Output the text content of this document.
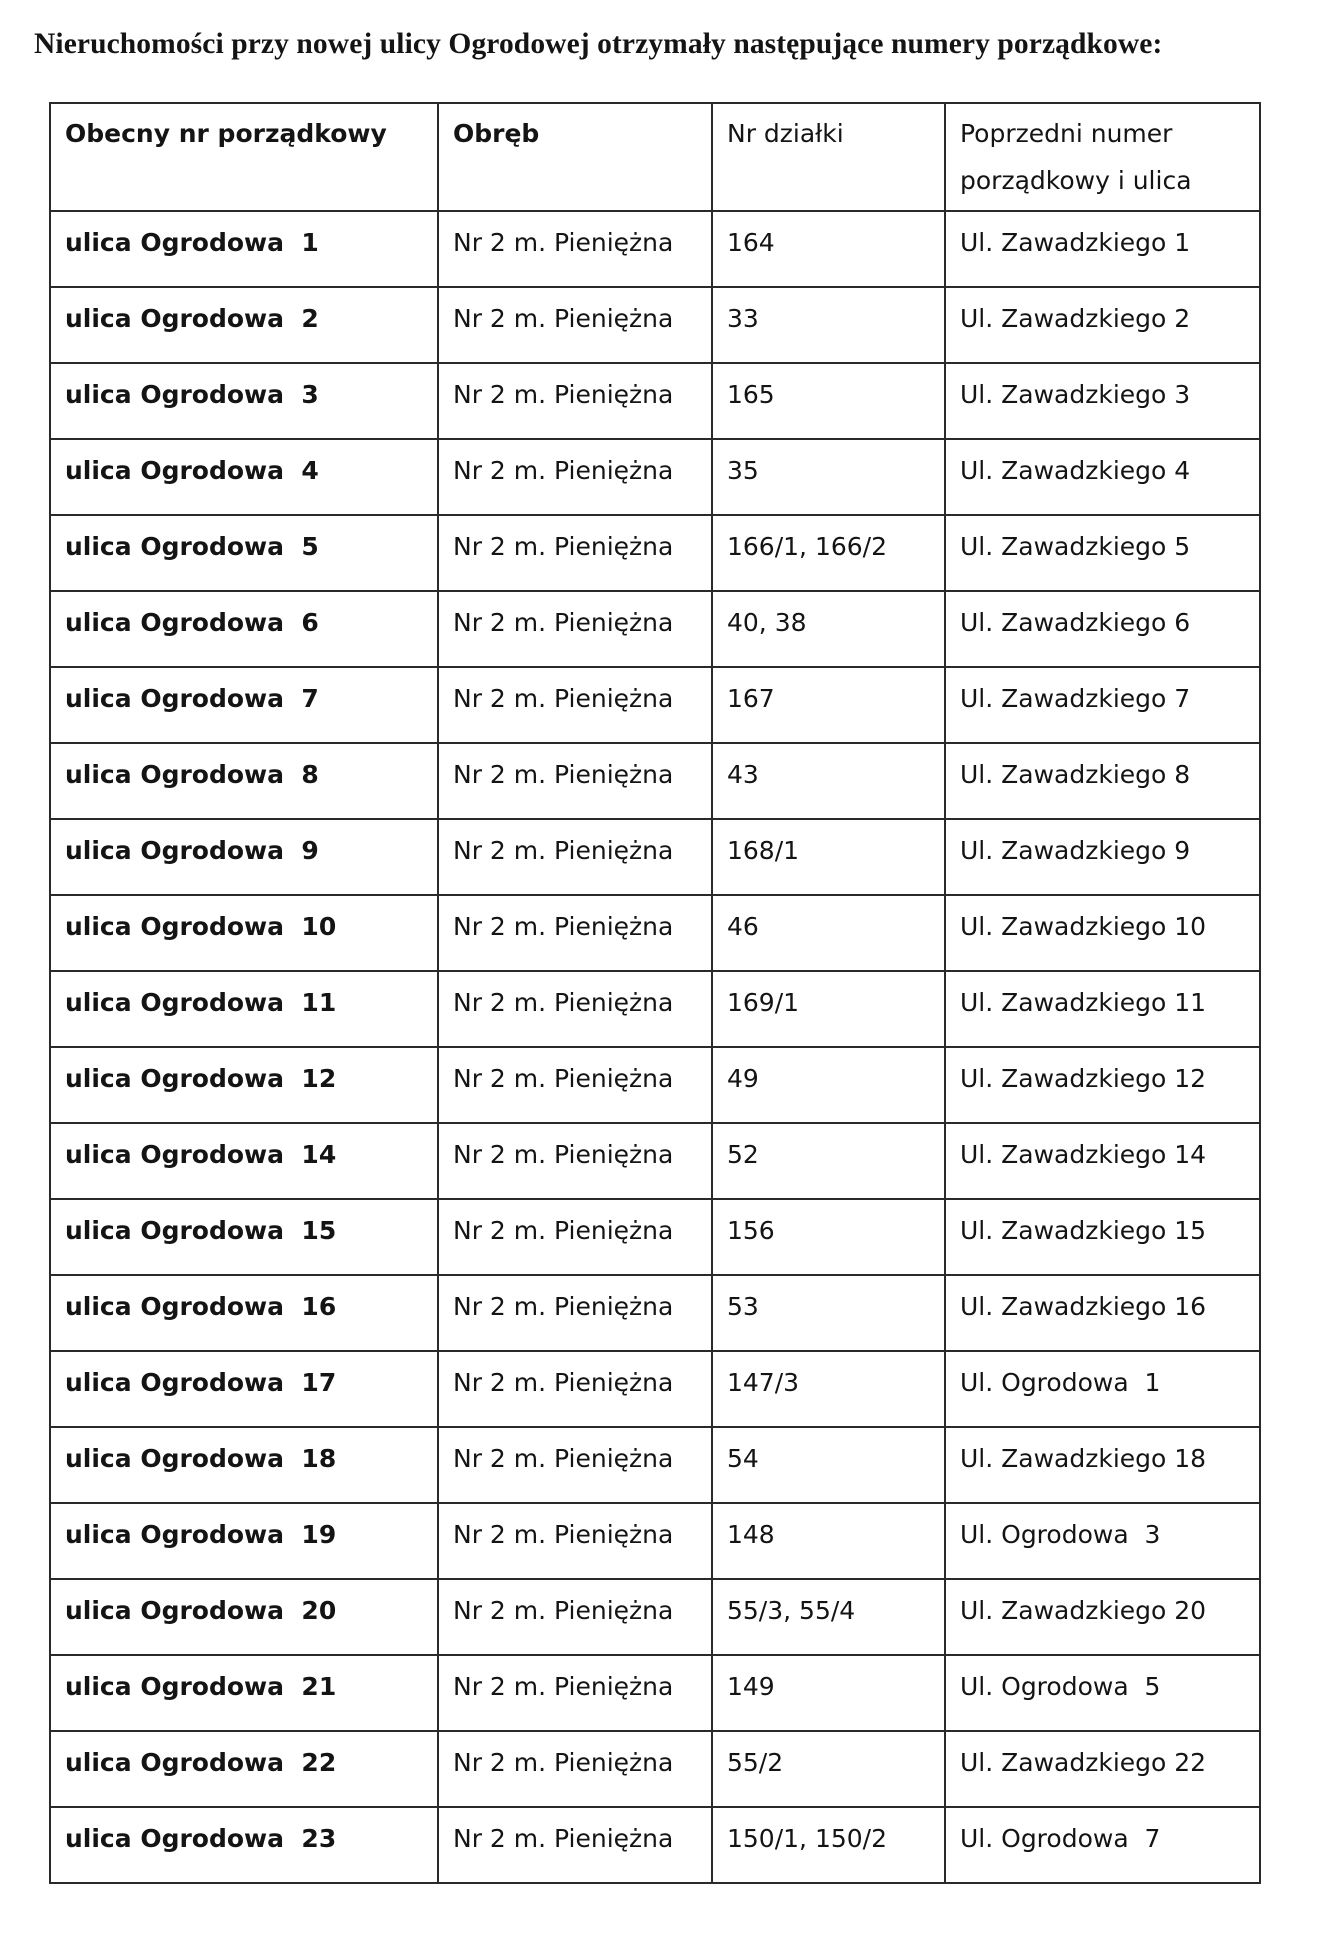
Nieruchomości przy nowej ulicy Ogrodowej otrzymały następujące numery porządkowe:
Obecny nr porządkowy	Obręb	Nr działki	Poprzedni numer porządkowy i ulica
ulica Ogrodowa  1	Nr 2 m. Pieniężna	164	Ul. Zawadzkiego 1
ulica Ogrodowa  2	Nr 2 m. Pieniężna	33	Ul. Zawadzkiego 2
ulica Ogrodowa  3	Nr 2 m. Pieniężna	165	Ul. Zawadzkiego 3
ulica Ogrodowa  4	Nr 2 m. Pieniężna	35	Ul. Zawadzkiego 4
ulica Ogrodowa  5	Nr 2 m. Pieniężna	166/1, 166/2	Ul. Zawadzkiego 5
ulica Ogrodowa  6	Nr 2 m. Pieniężna	40, 38	Ul. Zawadzkiego 6
ulica Ogrodowa  7	Nr 2 m. Pieniężna	167	Ul. Zawadzkiego 7
ulica Ogrodowa  8	Nr 2 m. Pieniężna	43	Ul. Zawadzkiego 8
ulica Ogrodowa  9	Nr 2 m. Pieniężna	168/1	Ul. Zawadzkiego 9
ulica Ogrodowa  10	Nr 2 m. Pieniężna	46	Ul. Zawadzkiego 10
ulica Ogrodowa  11	Nr 2 m. Pieniężna	169/1	Ul. Zawadzkiego 11
ulica Ogrodowa  12	Nr 2 m. Pieniężna	49	Ul. Zawadzkiego 12
ulica Ogrodowa  14	Nr 2 m. Pieniężna	52	Ul. Zawadzkiego 14
ulica Ogrodowa  15	Nr 2 m. Pieniężna	156	Ul. Zawadzkiego 15
ulica Ogrodowa  16	Nr 2 m. Pieniężna	53	Ul. Zawadzkiego 16
ulica Ogrodowa  17	Nr 2 m. Pieniężna	147/3	Ul. Ogrodowa  1
ulica Ogrodowa  18	Nr 2 m. Pieniężna	54	Ul. Zawadzkiego 18
ulica Ogrodowa  19	Nr 2 m. Pieniężna	148	Ul. Ogrodowa  3
ulica Ogrodowa  20	Nr 2 m. Pieniężna	55/3, 55/4	Ul. Zawadzkiego 20
ulica Ogrodowa  21	Nr 2 m. Pieniężna	149	Ul. Ogrodowa  5
ulica Ogrodowa  22	Nr 2 m. Pieniężna	55/2	Ul. Zawadzkiego 22
ulica Ogrodowa  23	Nr 2 m. Pieniężna	150/1, 150/2	Ul. Ogrodowa  7
